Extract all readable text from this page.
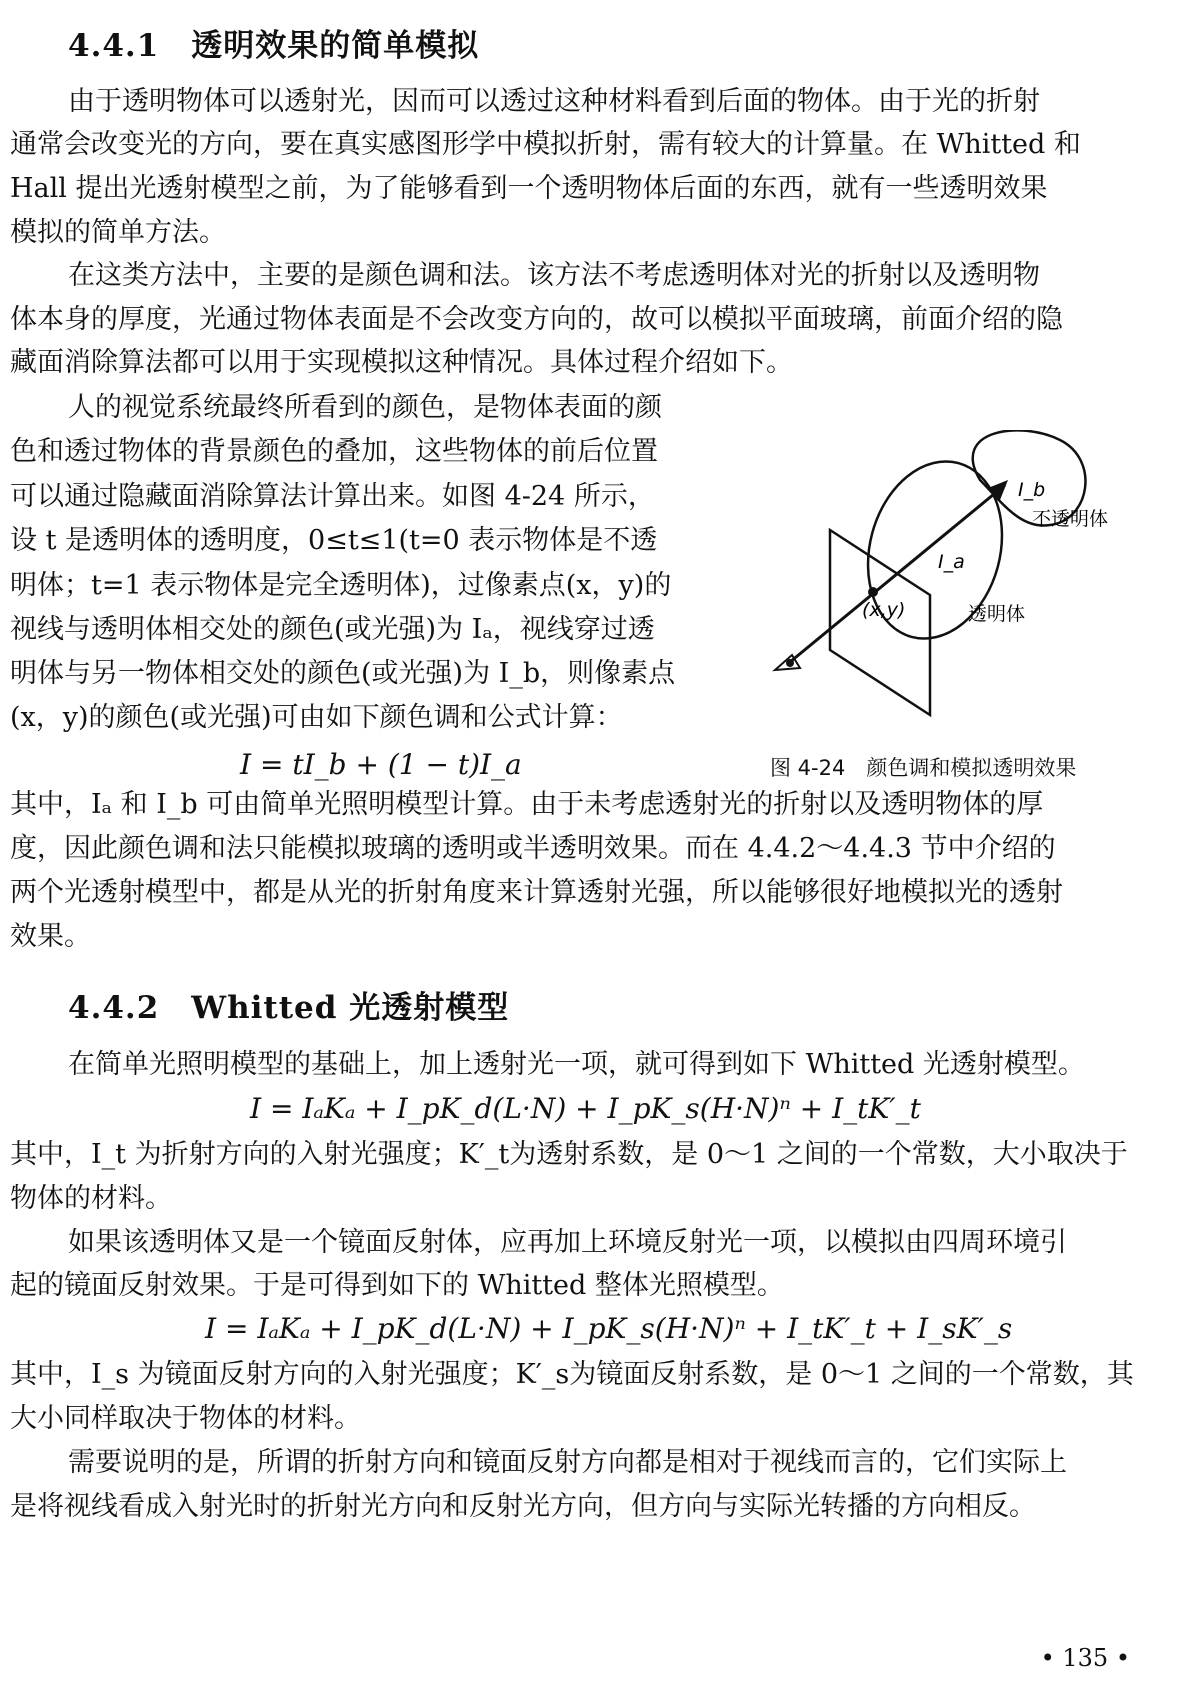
4.4.1　透明效果的简单模拟
由于透明物体可以透射光，因而可以透过这种材料看到后面的物体。由于光的折射
通常会改变光的方向，要在真实感图形学中模拟折射，需有较大的计算量。在 Whitted 和
Hall 提出光透射模型之前，为了能够看到一个透明物体后面的东西，就有一些透明效果
模拟的简单方法。
在这类方法中，主要的是颜色调和法。该方法不考虑透明体对光的折射以及透明物
体本身的厚度，光通过物体表面是不会改变方向的，故可以模拟平面玻璃，前面介绍的隐
藏面消除算法都可以用于实现模拟这种情况。具体过程介绍如下。
人的视觉系统最终所看到的颜色，是物体表面的颜
色和透过物体的背景颜色的叠加，这些物体的前后位置
可以通过隐藏面消除算法计算出来。如图 4-24 所示，
设 t 是透明体的透明度，0≤t≤1(t=0 表示物体是不透
明体；t=1 表示物体是完全透明体)，过像素点(x，y)的
视线与透明体相交处的颜色(或光强)为 Iₐ，视线穿过透
明体与另一物体相交处的颜色(或光强)为 I_b，则像素点
(x，y)的颜色(或光强)可由如下颜色调和公式计算：
I = tI_b + (1 − t)I_a
I_b
不透明体
I_a
(x,y)	透明体
图 4-24　颜色调和模拟透明效果
其中，Iₐ 和 I_b 可由简单光照明模型计算。由于未考虑透射光的折射以及透明物体的厚
度，因此颜色调和法只能模拟玻璃的透明或半透明效果。而在 4.4.2～4.4.3 节中介绍的
两个光透射模型中，都是从光的折射角度来计算透射光强，所以能够很好地模拟光的透射
效果。
4.4.2　Whitted 光透射模型
在简单光照明模型的基础上，加上透射光一项，就可得到如下 Whitted 光透射模型。
I = IₐKₐ + I_pK_d(L·N) + I_pK_s(H·N)ⁿ + I_tK′_t
其中，I_t 为折射方向的入射光强度；K′_t为透射系数，是 0～1 之间的一个常数，大小取决于
物体的材料。
如果该透明体又是一个镜面反射体，应再加上环境反射光一项，以模拟由四周环境引
起的镜面反射效果。于是可得到如下的 Whitted 整体光照模型。
I = IₐKₐ + I_pK_d(L·N) + I_pK_s(H·N)ⁿ + I_tK′_t + I_sK′_s
其中，I_s 为镜面反射方向的入射光强度；K′_s为镜面反射系数，是 0～1 之间的一个常数，其
大小同样取决于物体的材料。
需要说明的是，所谓的折射方向和镜面反射方向都是相对于视线而言的，它们实际上
是将视线看成入射光时的折射光方向和反射光方向，但方向与实际光转播的方向相反。
• 135 •
